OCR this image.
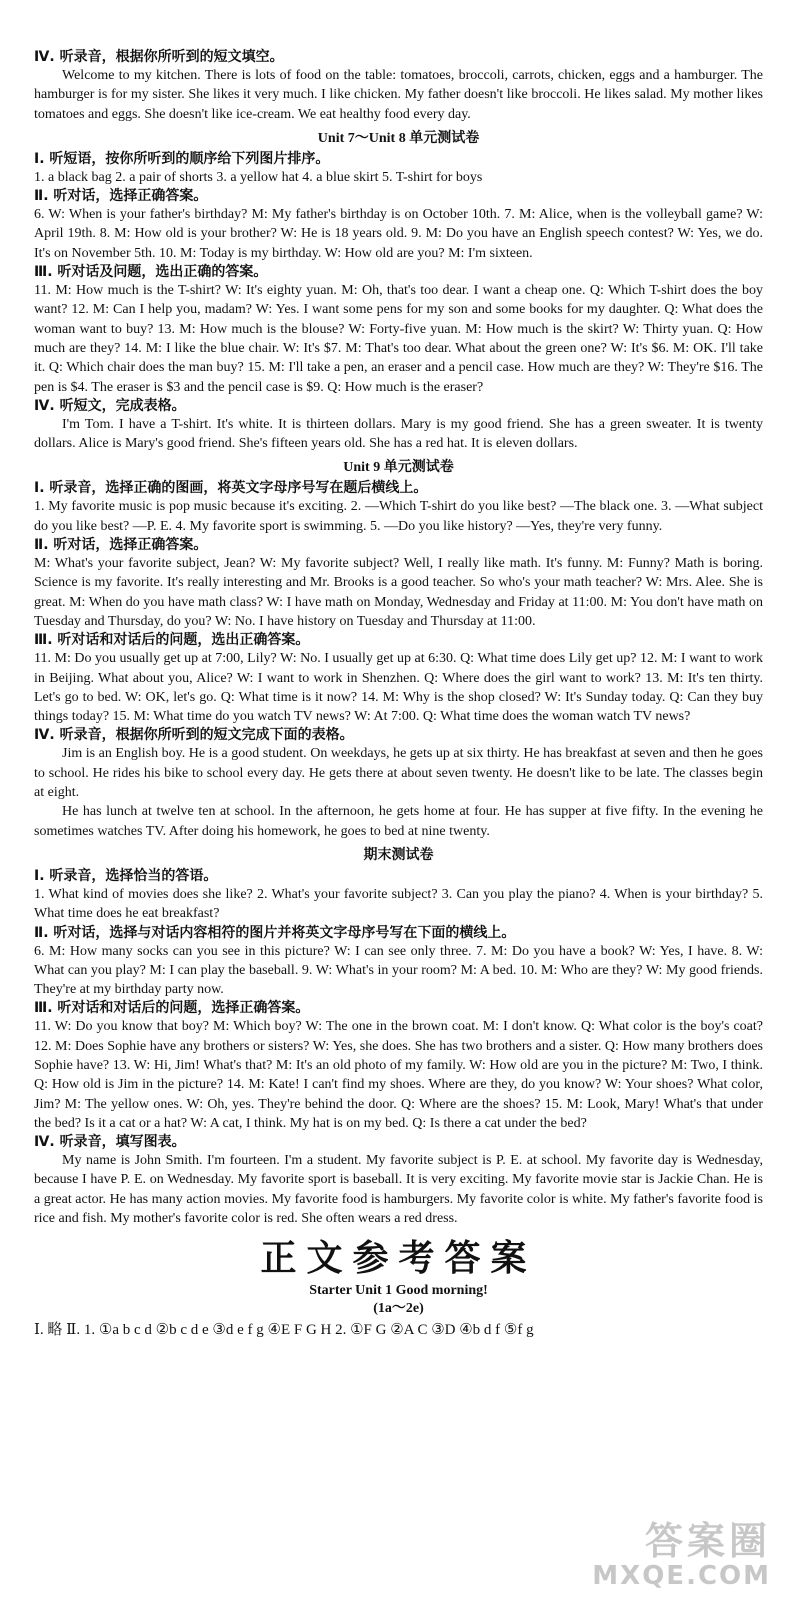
Ⅳ. 听录音，根据你所听到的短文填空。

Welcome to my kitchen. There is lots of food on the table: tomatoes, broccoli, carrots, chicken, eggs and a hamburger. The hamburger is for my sister. She likes it very much. I like chicken. My father doesn't like broccoli. He likes salad. My mother likes tomatoes and eggs. She doesn't like ice-cream. We eat healthy food every day.

Unit 7～Unit 8 单元测试卷

Ⅰ. 听短语，按你所听到的顺序给下列图片排序。

1. a black bag 2. a pair of shorts 3. a yellow hat 4. a blue skirt 5. T-shirt for boys

Ⅱ. 听对话，选择正确答案。

6. W: When is your father's birthday? M: My father's birthday is on October 10th. 7. M: Alice, when is the volleyball game? W: April 19th. 8. M: How old is your brother? W: He is 18 years old. 9. M: Do you have an English speech contest? W: Yes, we do. It's on November 5th. 10. M: Today is my birthday. W: How old are you? M: I'm sixteen.

Ⅲ. 听对话及问题，选出正确的答案。

11. M: How much is the T-shirt? W: It's eighty yuan. M: Oh, that's too dear. I want a cheap one. Q: Which T-shirt does the boy want? 12. M: Can I help you, madam? W: Yes. I want some pens for my son and some books for my daughter. Q: What does the woman want to buy? 13. M: How much is the blouse? W: Forty-five yuan. M: How much is the skirt? W: Thirty yuan. Q: How much are they? 14. M: I like the blue chair. W: It's $7. M: That's too dear. What about the green one? W: It's $6. M: OK. I'll take it. Q: Which chair does the man buy? 15. M: I'll take a pen, an eraser and a pencil case. How much are they? W: They're $16. The pen is $4. The eraser is $3 and the pencil case is $9. Q: How much is the eraser?

Ⅳ. 听短文，完成表格。

I'm Tom. I have a T-shirt. It's white. It is thirteen dollars. Mary is my good friend. She has a green sweater. It is twenty dollars. Alice is Mary's good friend. She's fifteen years old. She has a red hat. It is eleven dollars.

Unit 9 单元测试卷

Ⅰ. 听录音，选择正确的图画，将英文字母序号写在题后横线上。

1. My favorite music is pop music because it's exciting. 2. —Which T-shirt do you like best? —The black one. 3. —What subject do you like best? —P. E. 4. My favorite sport is swimming. 5. —Do you like history? —Yes, they're very funny.

Ⅱ. 听对话，选择正确答案。

M: What's your favorite subject, Jean? W: My favorite subject? Well, I really like math. It's funny. M: Funny? Math is boring. Science is my favorite. It's really interesting and Mr. Brooks is a good teacher. So who's your math teacher? W: Mrs. Alee. She is great. M: When do you have math class? W: I have math on Monday, Wednesday and Friday at 11:00. M: You don't have math on Tuesday and Thursday, do you? W: No. I have history on Tuesday and Thursday at 11:00.

Ⅲ. 听对话和对话后的问题，选出正确答案。

11. M: Do you usually get up at 7:00, Lily? W: No. I usually get up at 6:30. Q: What time does Lily get up? 12. M: I want to work in Beijing. What about you, Alice? W: I want to work in Shenzhen. Q: Where does the girl want to work? 13. M: It's ten thirty. Let's go to bed. W: OK, let's go. Q: What time is it now? 14. M: Why is the shop closed? W: It's Sunday today. Q: Can they buy things today? 15. M: What time do you watch TV news? W: At 7:00. Q: What time does the woman watch TV news?

Ⅳ. 听录音，根据你所听到的短文完成下面的表格。

Jim is an English boy. He is a good student. On weekdays, he gets up at six thirty. He has breakfast at seven and then he goes to school. He rides his bike to school every day. He gets there at about seven twenty. He doesn't like to be late. The classes begin at eight.

He has lunch at twelve ten at school. In the afternoon, he gets home at four. He has supper at five fifty. In the evening he sometimes watches TV. After doing his homework, he goes to bed at nine twenty.

期末测试卷

Ⅰ. 听录音，选择恰当的答语。

1. What kind of movies does she like? 2. What's your favorite subject? 3. Can you play the piano? 4. When is your birthday? 5. What time does he eat breakfast?

Ⅱ. 听对话，选择与对话内容相符的图片并将英文字母序号写在下面的横线上。

6. M: How many socks can you see in this picture? W: I can see only three. 7. M: Do you have a book? W: Yes, I have. 8. W: What can you play? M: I can play the baseball. 9. W: What's in your room? M: A bed. 10. M: Who are they? W: My good friends. They're at my birthday party now.

Ⅲ. 听对话和对话后的问题，选择正确答案。

11. W: Do you know that boy? M: Which boy? W: The one in the brown coat. M: I don't know. Q: What color is the boy's coat? 12. M: Does Sophie have any brothers or sisters? W: Yes, she does. She has two brothers and a sister. Q: How many brothers does Sophie have? 13. W: Hi, Jim! What's that? M: It's an old photo of my family. W: How old are you in the picture? M: Two, I think. Q: How old is Jim in the picture? 14. M: Kate! I can't find my shoes. Where are they, do you know? W: Your shoes? What color, Jim? M: The yellow ones. W: Oh, yes. They're behind the door. Q: Where are the shoes? 15. M: Look, Mary! What's that under the bed? Is it a cat or a hat? W: A cat, I think. My hat is on my bed. Q: Is there a cat under the bed?

Ⅳ. 听录音，填写图表。

My name is John Smith. I'm fourteen. I'm a student. My favorite subject is P. E. at school. My favorite day is Wednesday, because I have P. E. on Wednesday. My favorite sport is baseball. It is very exciting. My favorite movie star is Jackie Chan. He is a great actor. He has many action movies. My favorite food is hamburgers. My favorite color is white. My father's favorite food is rice and fish. My mother's favorite color is red. She often wears a red dress.

正文参考答案

Starter Unit 1 Good morning!

(1a～2e)

Ⅰ. 略 Ⅱ. 1. ①a b c d ②b c d e ③d e f g ④E F G H 2. ①F G ②A C ③D ④b d f ⑤f g

答案圈
MXQE.COM
